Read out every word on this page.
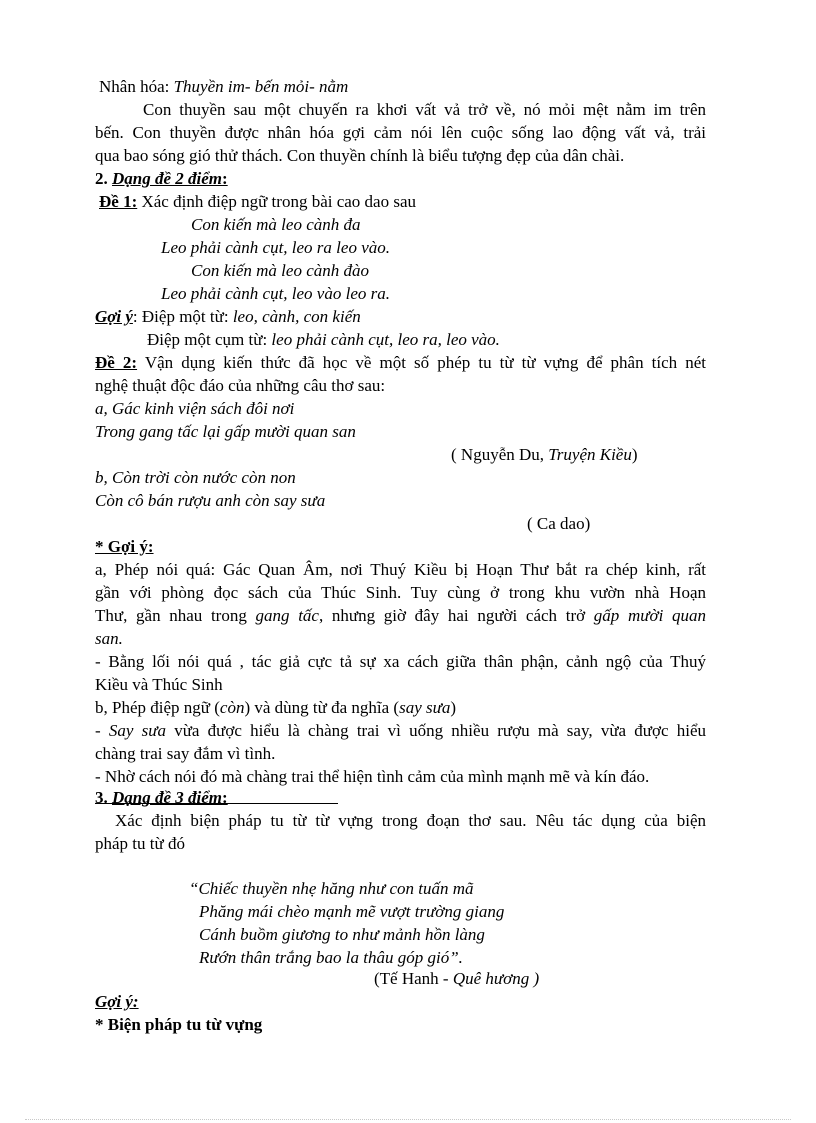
Nhân hóa: Thuyền im- bến mỏi- nằm
Con thuyền sau một chuyến ra khơi vất vả trở về, nó mỏi mệt nằm im trên
bến. Con thuyền được nhân hóa gợi cảm nói lên cuộc sống lao động vất vả, trải
qua bao sóng gió thử thách. Con thuyền chính là biểu tượng đẹp của dân chài.
2. Dạng đề 2 điểm:
Đề 1: Xác định điệp ngữ trong bài cao dao sau
Con kiến mà leo cành đa
Leo phải cành cụt, leo ra leo vào.
Con kiến mà leo cành đào
Leo phải cành cụt, leo vào leo ra.
Gợi ý: Điệp một từ: leo, cành, con kiến
Điệp một cụm từ: leo phải cành cụt, leo ra, leo vào.
Đề 2: Vận dụng kiến thức đã học về một số phép tu từ từ vựng để phân tích nét
nghệ thuật độc đáo của những câu thơ sau:
a, Gác kinh viện sách đôi nơi
Trong gang tấc lại gấp mười quan san
( Nguyễn Du, Truyện Kiều)
b, Còn trời còn nước còn non
Còn cô bán rượu anh còn say sưa
( Ca dao)
* Gợi ý:
a, Phép nói quá: Gác Quan Âm, nơi Thuý Kiều bị Hoạn Thư bắt ra chép kinh, rất
gần với phòng đọc sách của Thúc Sinh. Tuy cùng ở trong khu vườn nhà Hoạn
Thư, gần nhau trong gang tấc, nhưng giờ đây hai người cách trở gấp mười quan
san.
- Bằng lối nói quá , tác giả cực tả sự xa cách giữa thân phận, cảnh ngộ của Thuý
Kiều và Thúc Sinh
b, Phép điệp ngữ (còn) và dùng từ đa nghĩa (say sưa)
- Say sưa vừa được hiểu là chàng trai vì uống nhiều rượu mà say, vừa được hiểu
chàng trai say đắm vì tình.
- Nhờ cách nói đó mà chàng trai thể hiện tình cảm của mình mạnh mẽ và kín đáo.
3. Dạng đề 3 điểm:
Xác định biện pháp tu từ từ vựng trong đoạn thơ sau. Nêu tác dụng của biện
pháp tu từ đó
“Chiếc thuyền nhẹ hăng như con tuấn mã
Phăng mái chèo mạnh mẽ vượt trường giang
Cánh buồm giương to như mảnh hồn làng
Rướn thân trắng bao la thâu góp gió”.
(Tế Hanh - Quê hương )
Gợi ý:
* Biện pháp tu từ vựng
